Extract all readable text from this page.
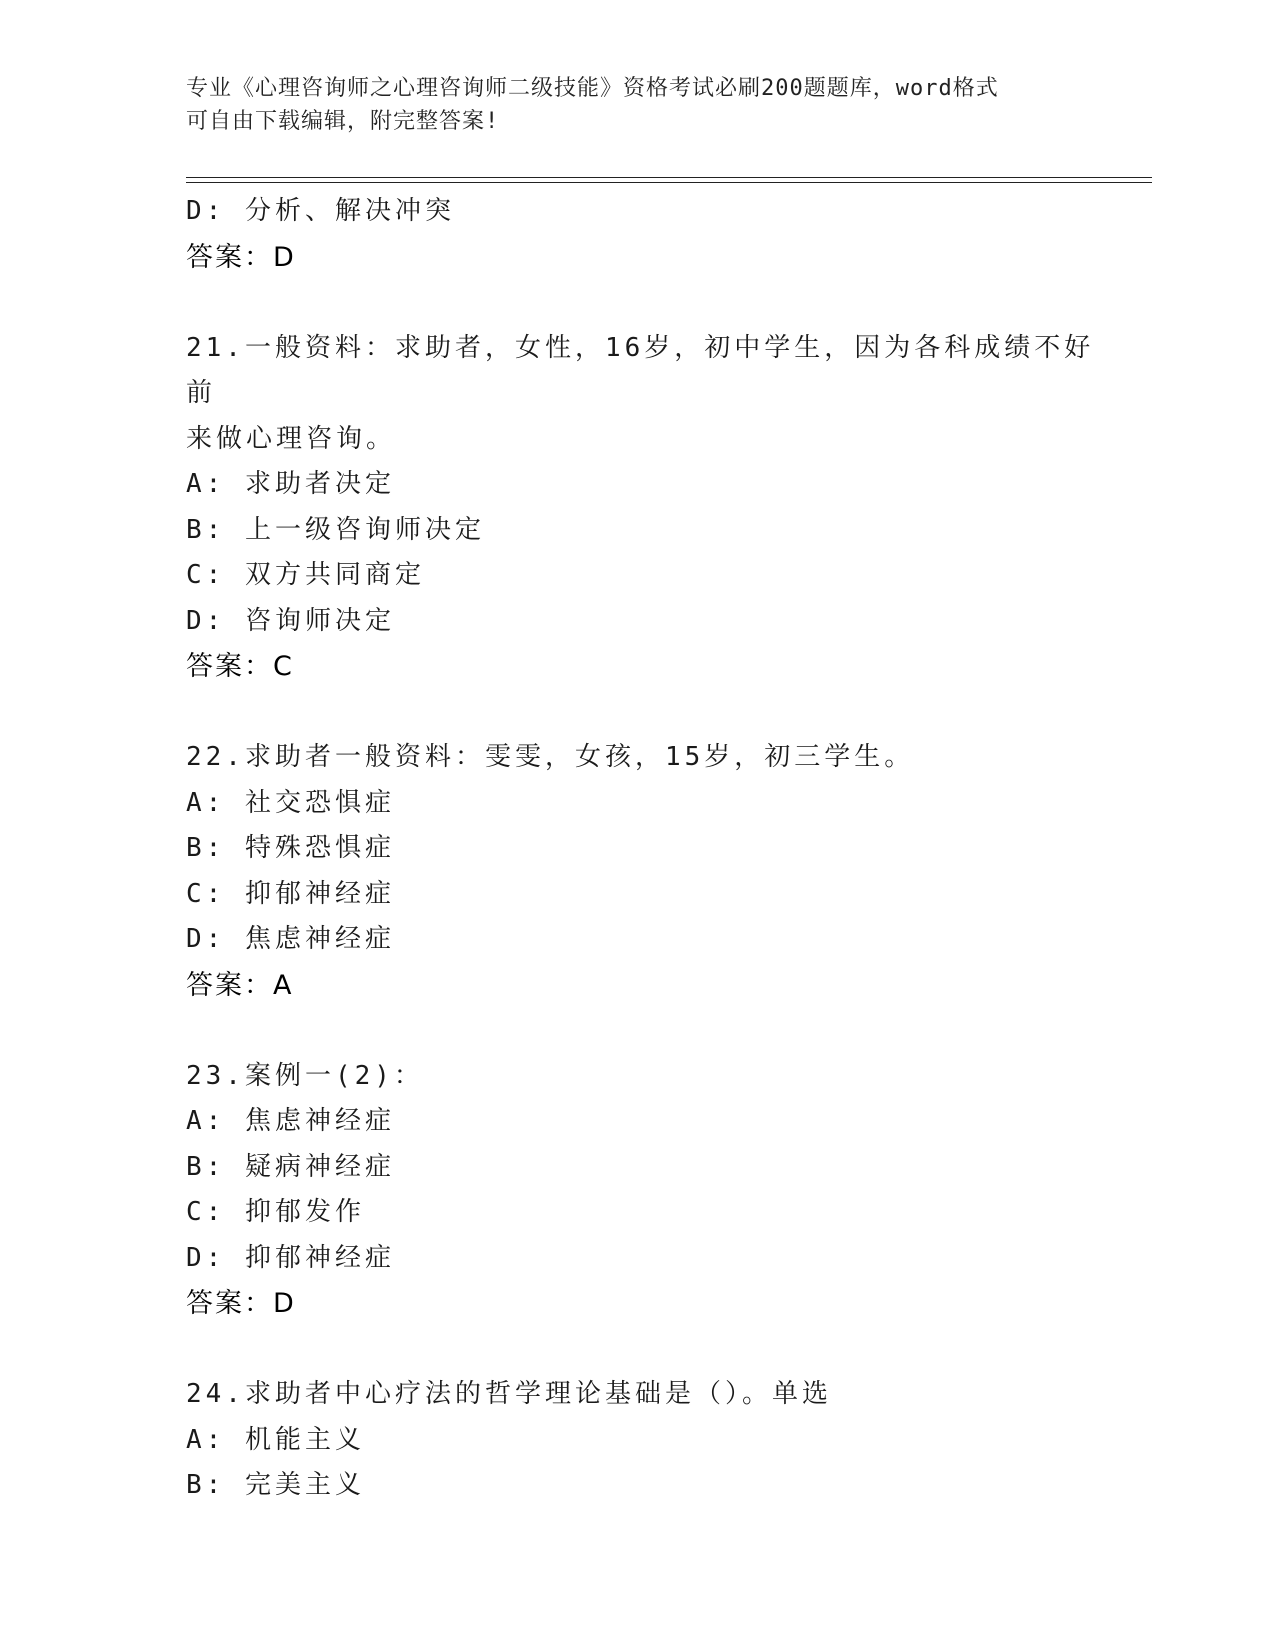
专业《心理咨询师之心理咨询师二级技能》资格考试必刷200题题库，word格式
可自由下载编辑，附完整答案!

D: 分析、解决冲突

答案：D

21.一般资料：求助者，女性，16岁，初中学生，因为各科成绩不好前

来做心理咨询。

A: 求助者决定

B: 上一级咨询师决定

C: 双方共同商定

D: 咨询师决定

答案：C

22.求助者一般资料：雯雯，女孩，15岁，初三学生。

A: 社交恐惧症

B: 特殊恐惧症

C: 抑郁神经症

D: 焦虑神经症

答案：A

23.案例一(2)：

A: 焦虑神经症

B: 疑病神经症

C: 抑郁发作

D: 抑郁神经症

答案：D

24.求助者中心疗法的哲学理论基础是（）。单选

A: 机能主义

B: 完美主义
